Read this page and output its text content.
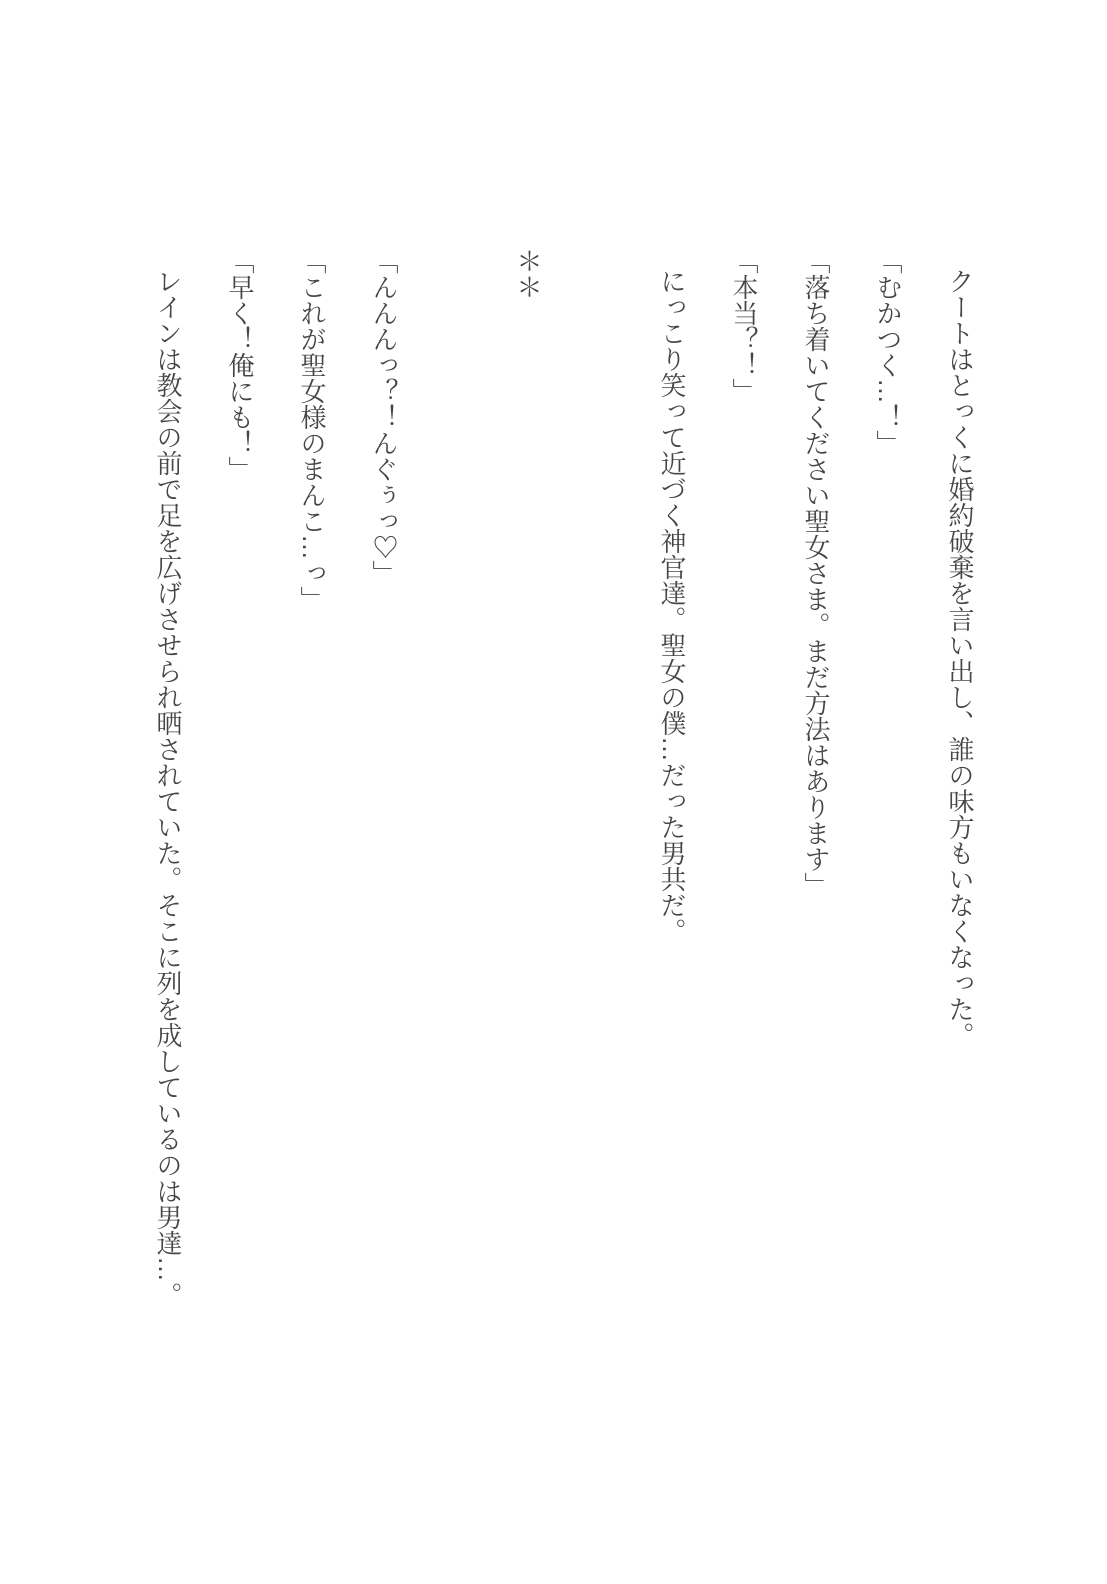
クートはとっくに婚約破棄を言い出し、誰の味方もいなくなった。

「むかつく…！」

「落ち着いてください聖女さま。まだ方法はあります」

「本当？！」

にっこり笑って近づく神官達。聖女の僕…だった男共だ。

＊＊

「んんんっ？！んぐぅっ♡」

「これが聖女様のまんこ…っ」

「早く！俺にも！」

レインは教会の前で足を広げさせられ晒されていた。そこに列を成しているのは男達…。
